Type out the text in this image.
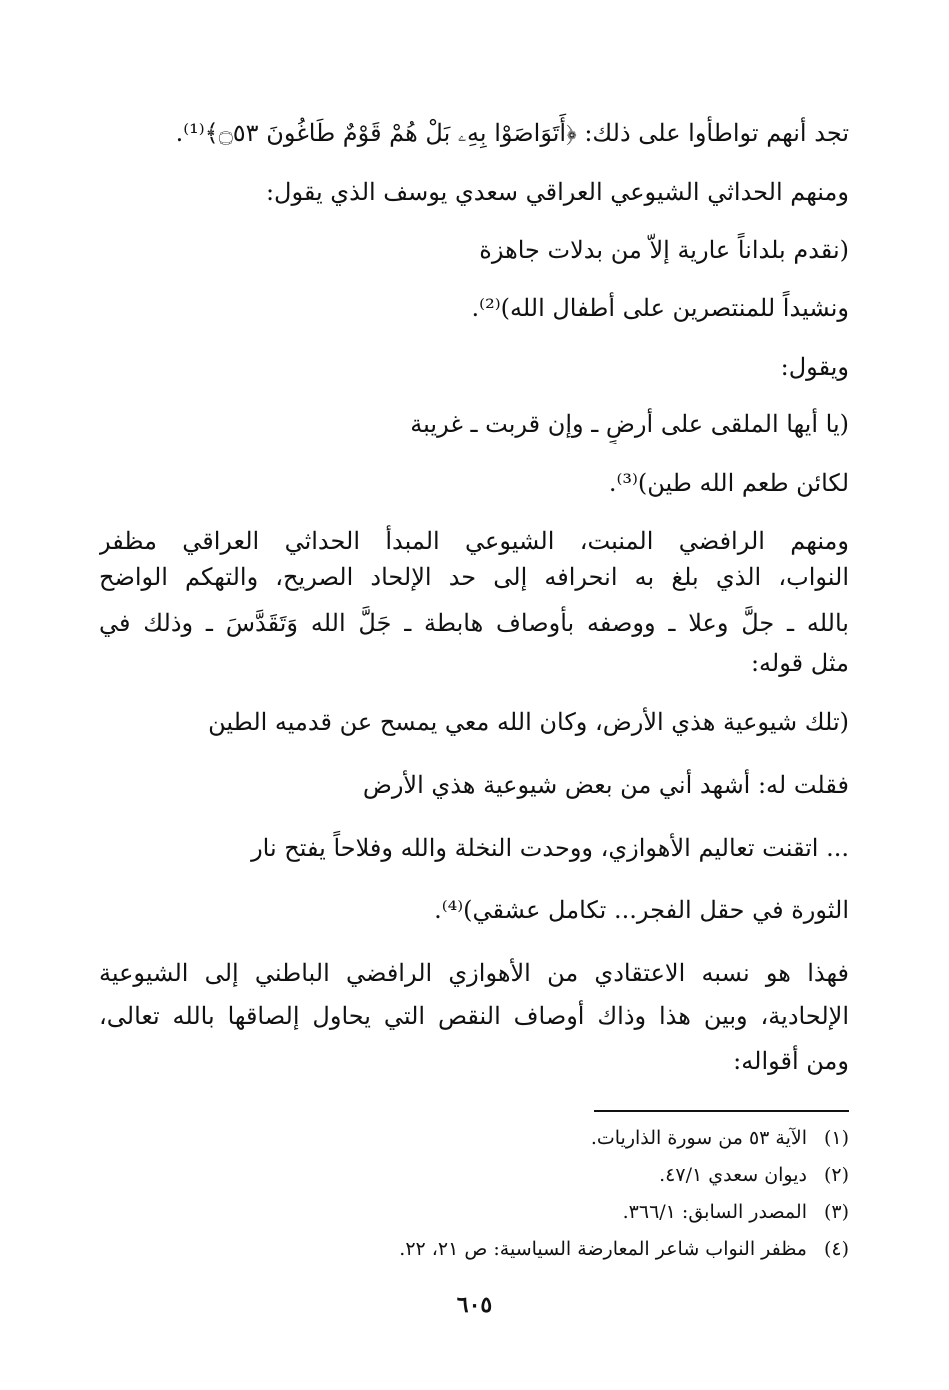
تجد أنهم تواطأوا على ذلك: ﴿أَتَوَاصَوْا بِهِۦ بَلْ هُمْ قَوْمٌ طَاغُونَ ۝٥٣﴾⁽¹⁾.
ومنهم الحداثي الشيوعي العراقي سعدي يوسف الذي يقول:
(نقدم بلداناً عارية إلاّ من بدلات جاهزة
ونشيداً للمنتصرين على أطفال الله)⁽²⁾.
ويقول:
(يا أيها الملقى على أرضٍ ـ وإن قربت ـ غريبة
لكائن طعم الله طين)⁽³⁾.
ومنهم الرافضي المنبت، الشيوعي المبدأ الحداثي العراقي مظفر
النواب، الذي بلغ به انحرافه إلى حد الإلحاد الصريح، والتهكم الواضح
بالله ـ جلَّ وعلا ـ ووصفه بأوصاف هابطة ـ جَلَّ الله وَتَقَدَّسَ ـ وذلك في
مثل قوله:
(تلك شيوعية هذي الأرض، وكان الله معي يمسح عن قدميه الطين
فقلت له: أشهد أني من بعض شيوعية هذي الأرض
... اتقنت تعاليم الأهوازي، ووحدت النخلة والله وفلاحاً يفتح نار
الثورة في حقل الفجر... تكامل عشقي)⁽⁴⁾.
فهذا هو نسبه الاعتقادي من الأهوازي الرافضي الباطني إلى الشيوعية
الإلحادية، وبين هذا وذاك أوصاف النقص التي يحاول إلصاقها بالله تعالى،
ومن أقواله:
(١)الآية ٥٣ من سورة الذاريات.
(٢)ديوان سعدي ٤٧/١.
(٣)المصدر السابق: ٣٦٦/١.
(٤)مظفر النواب شاعر المعارضة السياسية: ص ٢١، ٢٢.
٦٠٥
